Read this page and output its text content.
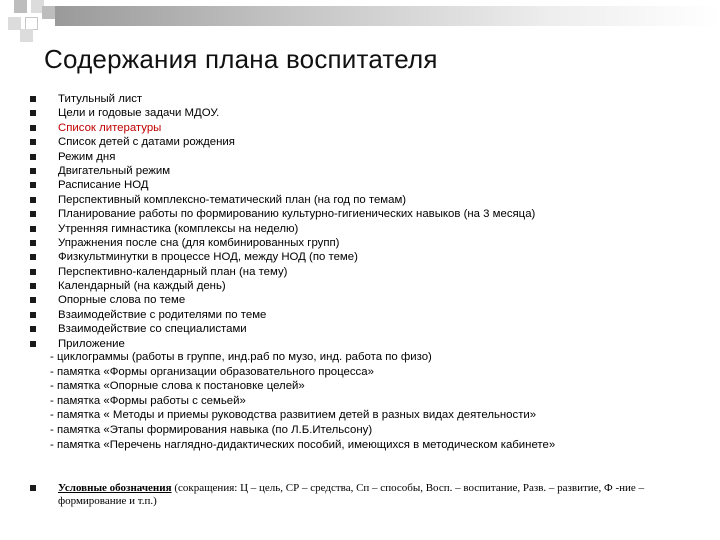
Содержания плана воспитателя
Титульный лист
Цели и годовые задачи МДОУ.
Список литературы
Список детей с датами рождения
Режим дня
Двигательный режим
Расписание НОД
Перспективный комплексно-тематический план (на год по темам)
Планирование работы по формированию культурно-гигиенических навыков (на 3 месяца)
Утренняя гимнастика (комплексы на неделю)
Упражнения после сна (для комбинированных групп)
Физкультминутки в процессе НОД, между НОД (по теме)
Перспективно-календарный план (на тему)
Календарный (на каждый день)
Опорные слова по теме
Взаимодействие с родителями по теме
Взаимодействие со специалистами
Приложение
- циклограммы (работы в группе, инд.раб по музо, инд. работа по физо)
- памятка «Формы организации образовательного процесса»
- памятка «Опорные слова к постановке целей»
- памятка «Формы работы с семьей»
- памятка « Методы и приемы руководства развитием детей в разных видах деятельности»
- памятка «Этапы формирования навыка (по Л.Б.Ительсону)
- памятка «Перечень наглядно-дидактических пособий, имеющихся в методическом кабинете»
Условные обозначения (сокращения: Ц – цель, СР – средства, Сп – способы, Восп. – воспитание, Разв. – развитие, Ф -ние – формирование и т.п.)
